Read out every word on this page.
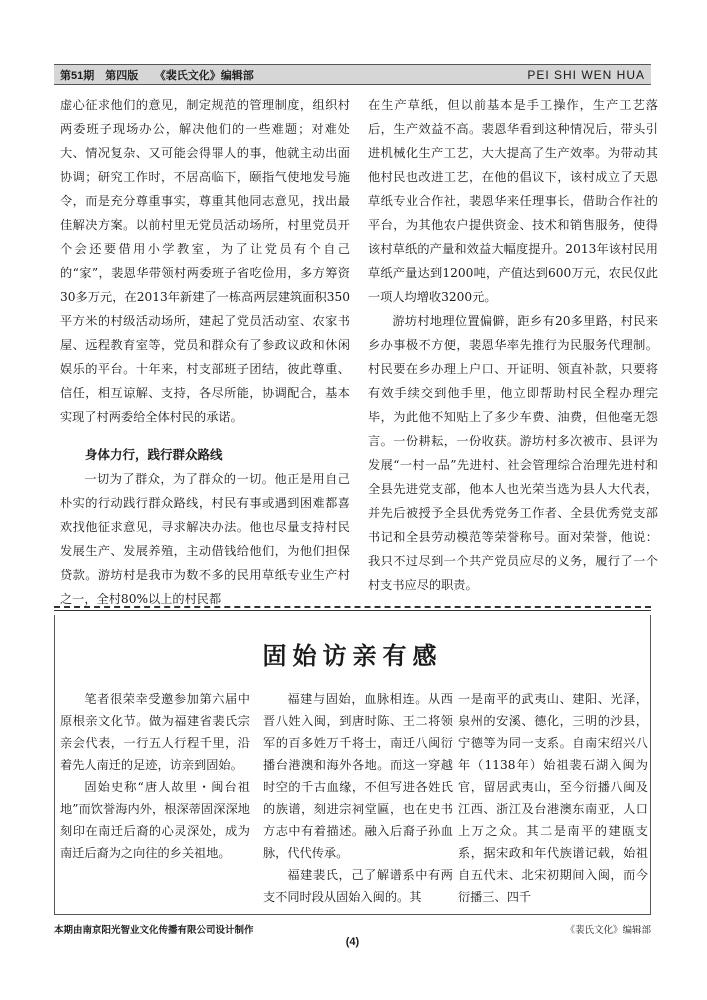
第51期　第四版　　《裴氏文化》编辑部	PEI SHI WEN HUA

虚心征求他们的意见，制定规范的管理制度，组织村两委班子现场办公，解决他们的一些难题；对难处大、情况复杂、又可能会得罪人的事，他就主动出面协调；研究工作时，不居高临下，颐指气使地发号施令，而是充分尊重事实，尊重其他同志意见，找出最佳解决方案。以前村里无党员活动场所，村里党员开个会还要借用小学教室，为了让党员有个自己的“家”，裴恩华带领村两委班子省吃俭用，多方筹资30多万元，在2013年新建了一栋高两层建筑面积350平方米的村级活动场所，建起了党员活动室、农家书屋、远程教育室等，党员和群众有了参政议政和休闲娱乐的平台。十年来，村支部班子团结，彼此尊重、信任，相互谅解、支持，各尽所能，协调配合，基本实现了村两委给全体村民的承诺。

身体力行，践行群众路线

一切为了群众，为了群众的一切。他正是用自己朴实的行动践行群众路线，村民有事或遇到困难都喜欢找他征求意见，寻求解决办法。他也尽量支持村民发展生产、发展养殖，主动借钱给他们，为他们担保贷款。游坊村是我市为数不多的民用草纸专业生产村之一，全村80%以上的村民都

在生产草纸，但以前基本是手工操作，生产工艺落后，生产效益不高。裴恩华看到这种情况后，带头引进机械化生产工艺，大大提高了生产效率。为带动其他村民也改进工艺，在他的倡议下，该村成立了天恩草纸专业合作社，裴恩华来任理事长，借助合作社的平台，为其他农户提供资金、技术和销售服务，使得该村草纸的产量和效益大幅度提升。2013年该村民用草纸产量达到1200吨，产值达到600万元，农民仅此一项人均增收3200元。

游坊村地理位置偏僻，距乡有20多里路，村民来乡办事极不方便，裴恩华率先推行为民服务代理制。村民要在乡办理上户口、开证明、领直补款，只要将有效手续交到他手里，他立即帮助村民全程办理完毕，为此他不知贴上了多少车费、油费，但他毫无怨言。一份耕耘，一份收获。游坊村多次被市、县评为发展“一村一品”先进村、社会管理综合治理先进村和全县先进党支部，他本人也光荣当选为县人大代表，并先后被授予全县优秀党务工作者、全县优秀党支部书记和全县劳动模范等荣誉称号。面对荣誉，他说：我只不过尽到一个共产党员应尽的义务，履行了一个村支书应尽的职责。

固始访亲有感

笔者很荣幸受邀参加第六届中原根亲文化节。做为福建省裴氏宗亲会代表，一行五人行程千里，沿着先人南迁的足迹，访亲到固始。

固始史称“唐人故里・闽台祖地”而饮誉海内外，根深蒂固深深地刻印在南迁后裔的心灵深处，成为南迁后裔为之向往的乡关祖地。

福建与固始，血脉相连。从西晋八姓入闽，到唐时陈、王二将领军的百多姓万千将士，南迁八闽衍播台港澳和海外各地。而这一穿越时空的千古血缘，不但写进各姓氏的族谱，刻进宗祠堂匾，也在史书方志中有着描述。融入后裔子孙血脉，代代传承。

福建裴氏，己了解谱系中有两支不同时段从固始入闽的。其

一是南平的武夷山、建阳、光泽，泉州的安溪、德化，三明的沙县，宁德等为同一支系。自南宋绍兴八年（1138年）始祖裴石湖入闽为官，留居武夷山，至今衍播八闽及江西、浙江及台港澳东南亚，人口上万之众。其二是南平的建瓯支系，据宋政和年代族谱记载，始祖自五代末、北宋初期间入闽，而今衍播三、四千

本期由南京阳光智业文化传播有限公司设计制作	《裴氏文化》编辑部
(4)
